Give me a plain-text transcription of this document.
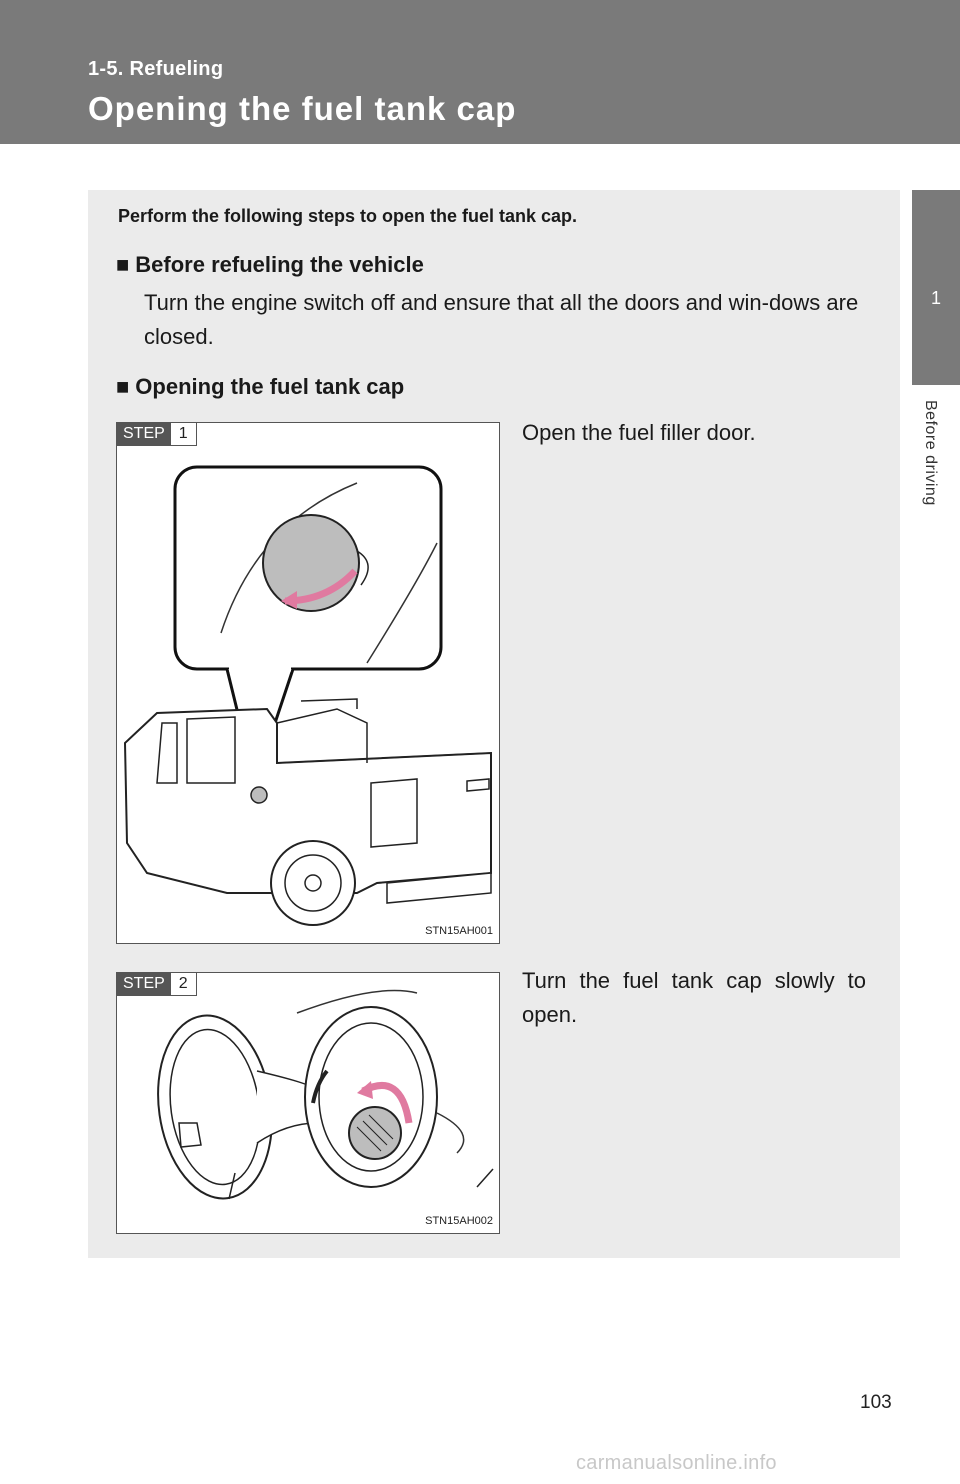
1-5. Refueling
Opening the fuel tank cap
1
Before driving
Perform the following steps to open the fuel tank cap.
■ Before refueling the vehicle
Turn the engine switch off and ensure that all the doors and win-dows are closed.
■ Opening the fuel tank cap
STEP 1
STN15AH001
Open the fuel filler door.
STEP 2
STN15AH002
Turn the fuel tank cap slowly to open.
103
carmanualsonline.info
